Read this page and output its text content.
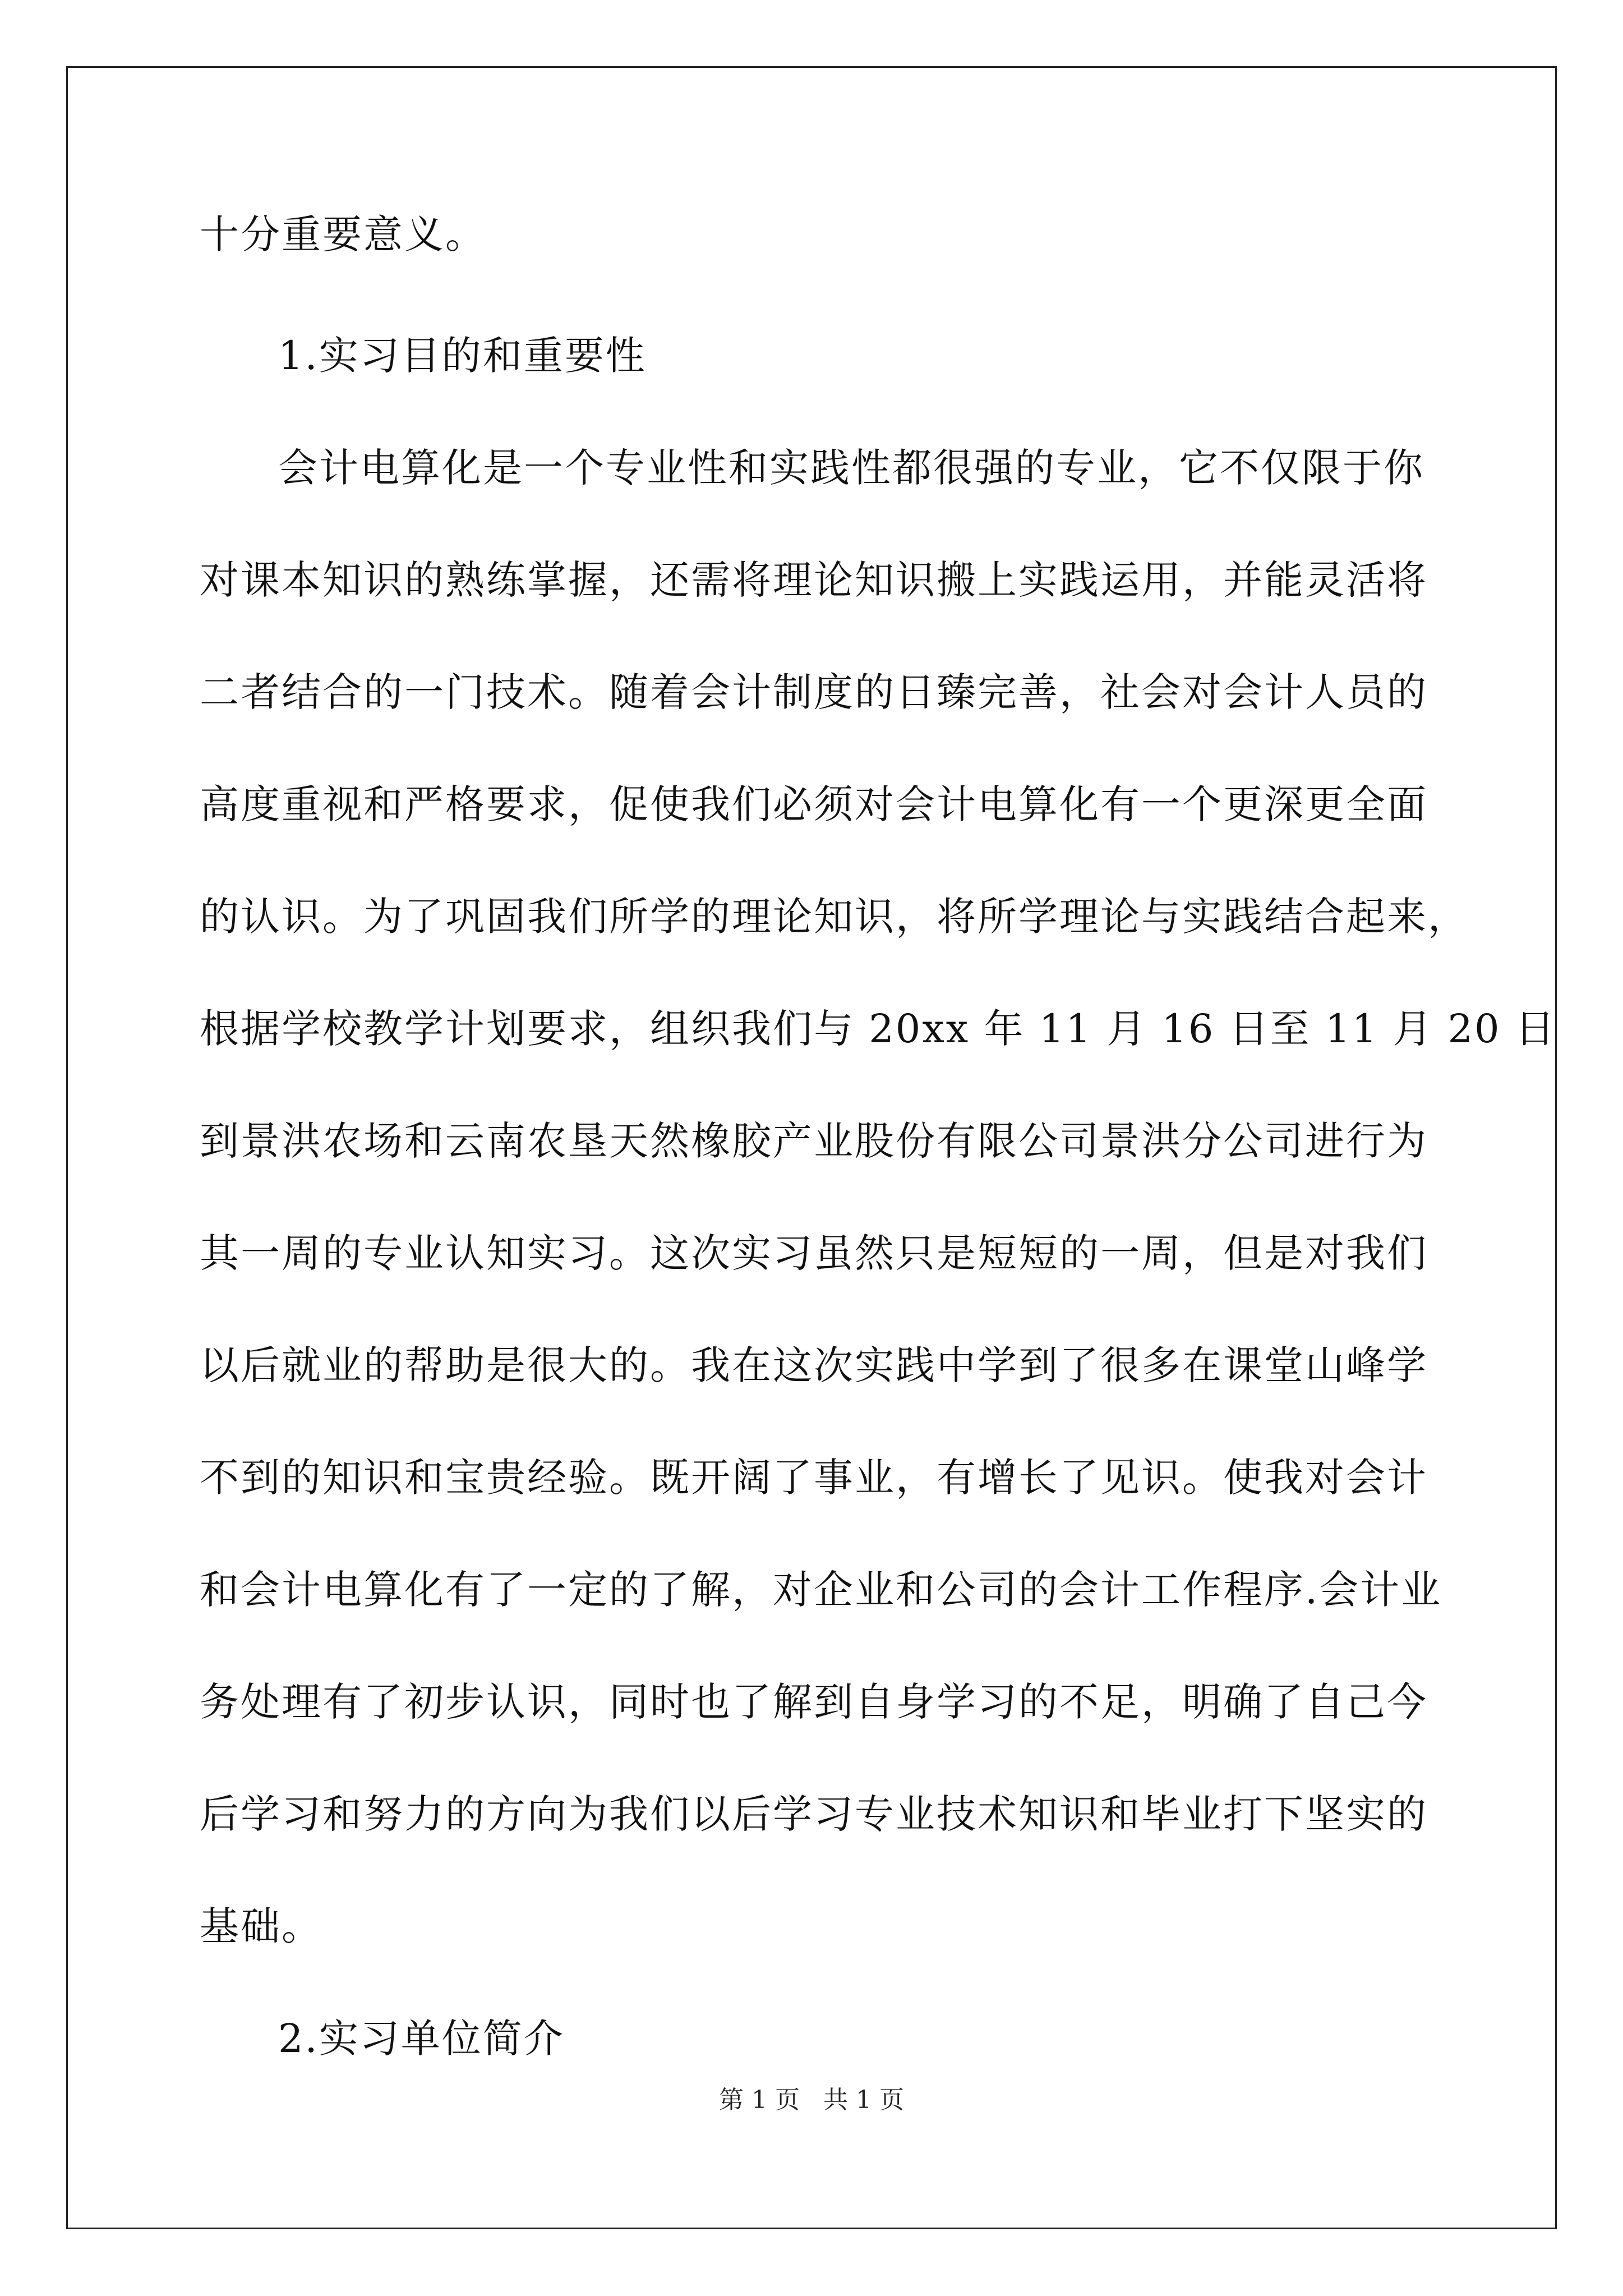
十分重要意义。
1.实习目的和重要性
会计电算化是一个专业性和实践性都很强的专业，它不仅限于你
对课本知识的熟练掌握，还需将理论知识搬上实践运用，并能灵活将
二者结合的一门技术。随着会计制度的日臻完善，社会对会计人员的
高度重视和严格要求，促使我们必须对会计电算化有一个更深更全面
的认识。为了巩固我们所学的理论知识，将所学理论与实践结合起来，
根据学校教学计划要求，组织我们与 20xx 年 11 月 16 日至 11 月 20 日
到景洪农场和云南农垦天然橡胶产业股份有限公司景洪分公司进行为
其一周的专业认知实习。这次实习虽然只是短短的一周，但是对我们
以后就业的帮助是很大的。我在这次实践中学到了很多在课堂山峰学
不到的知识和宝贵经验。既开阔了事业，有增长了见识。使我对会计
和会计电算化有了一定的了解，对企业和公司的会计工作程序.会计业
务处理有了初步认识，同时也了解到自身学习的不足，明确了自己今
后学习和努力的方向为我们以后学习专业技术知识和毕业打下坚实的
基础。
2.实习单位简介
第 1 页   共 1 页
